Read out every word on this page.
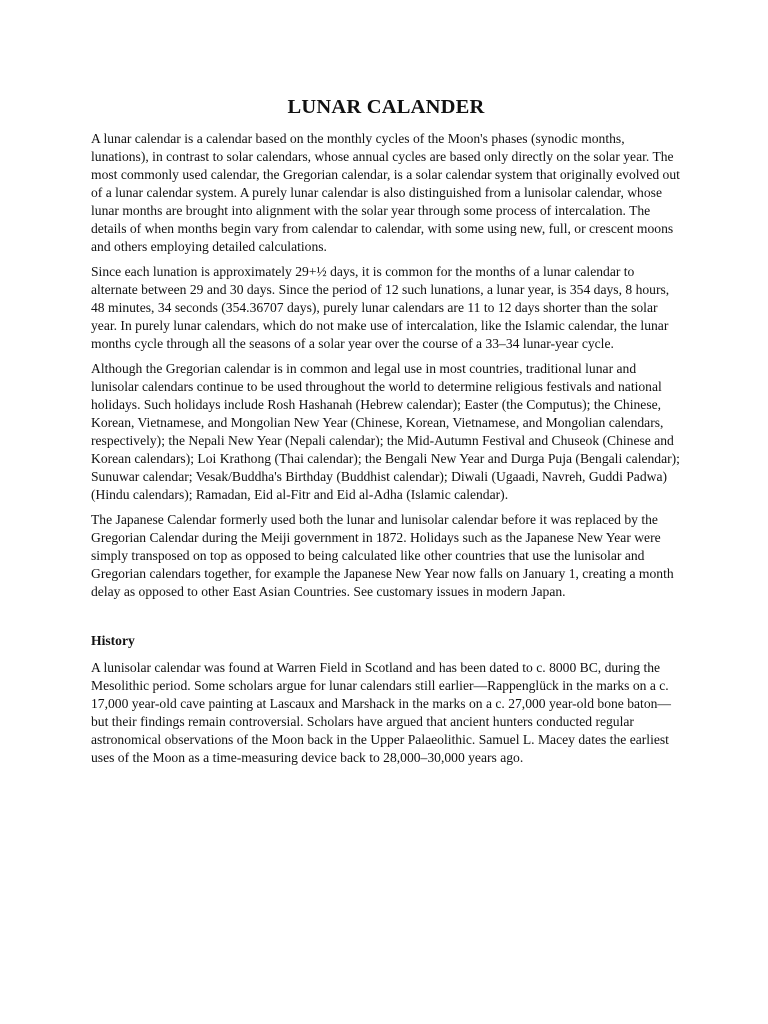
LUNAR CALANDER

A lunar calendar is a calendar based on the monthly cycles of the Moon's phases (synodic months, lunations), in contrast to solar calendars, whose annual cycles are based only directly on the solar year. The most commonly used calendar, the Gregorian calendar, is a solar calendar system that originally evolved out of a lunar calendar system. A purely lunar calendar is also distinguished from a lunisolar calendar, whose lunar months are brought into alignment with the solar year through some process of intercalation. The details of when months begin vary from calendar to calendar, with some using new, full, or crescent moons and others employing detailed calculations.

Since each lunation is approximately 29+½ days, it is common for the months of a lunar calendar to alternate between 29 and 30 days. Since the period of 12 such lunations, a lunar year, is 354 days, 8 hours, 48 minutes, 34 seconds (354.36707 days), purely lunar calendars are 11 to 12 days shorter than the solar year. In purely lunar calendars, which do not make use of intercalation, like the Islamic calendar, the lunar months cycle through all the seasons of a solar year over the course of a 33–34 lunar-year cycle.

Although the Gregorian calendar is in common and legal use in most countries, traditional lunar and lunisolar calendars continue to be used throughout the world to determine religious festivals and national holidays. Such holidays include Rosh Hashanah (Hebrew calendar); Easter (the Computus); the Chinese, Korean, Vietnamese, and Mongolian New Year (Chinese, Korean, Vietnamese, and Mongolian calendars, respectively); the Nepali New Year (Nepali calendar); the Mid-Autumn Festival and Chuseok (Chinese and Korean calendars); Loi Krathong (Thai calendar); the Bengali New Year and Durga Puja (Bengali calendar); Sunuwar calendar; Vesak/Buddha's Birthday (Buddhist calendar); Diwali (Ugaadi, Navreh, Guddi Padwa) (Hindu calendars); Ramadan, Eid al-Fitr and Eid al-Adha (Islamic calendar).

The Japanese Calendar formerly used both the lunar and lunisolar calendar before it was replaced by the Gregorian Calendar during the Meiji government in 1872. Holidays such as the Japanese New Year were simply transposed on top as opposed to being calculated like other countries that use the lunisolar and Gregorian calendars together, for example the Japanese New Year now falls on January 1, creating a month delay as opposed to other East Asian Countries. See customary issues in modern Japan.

History

A lunisolar calendar was found at Warren Field in Scotland and has been dated to c. 8000 BC, during the Mesolithic period. Some scholars argue for lunar calendars still earlier—Rappenglück in the marks on a c. 17,000 year-old cave painting at Lascaux and Marshack in the marks on a c. 27,000 year-old bone baton—but their findings remain controversial. Scholars have argued that ancient hunters conducted regular astronomical observations of the Moon back in the Upper Palaeolithic. Samuel L. Macey dates the earliest uses of the Moon as a time-measuring device back to 28,000–30,000 years ago.
